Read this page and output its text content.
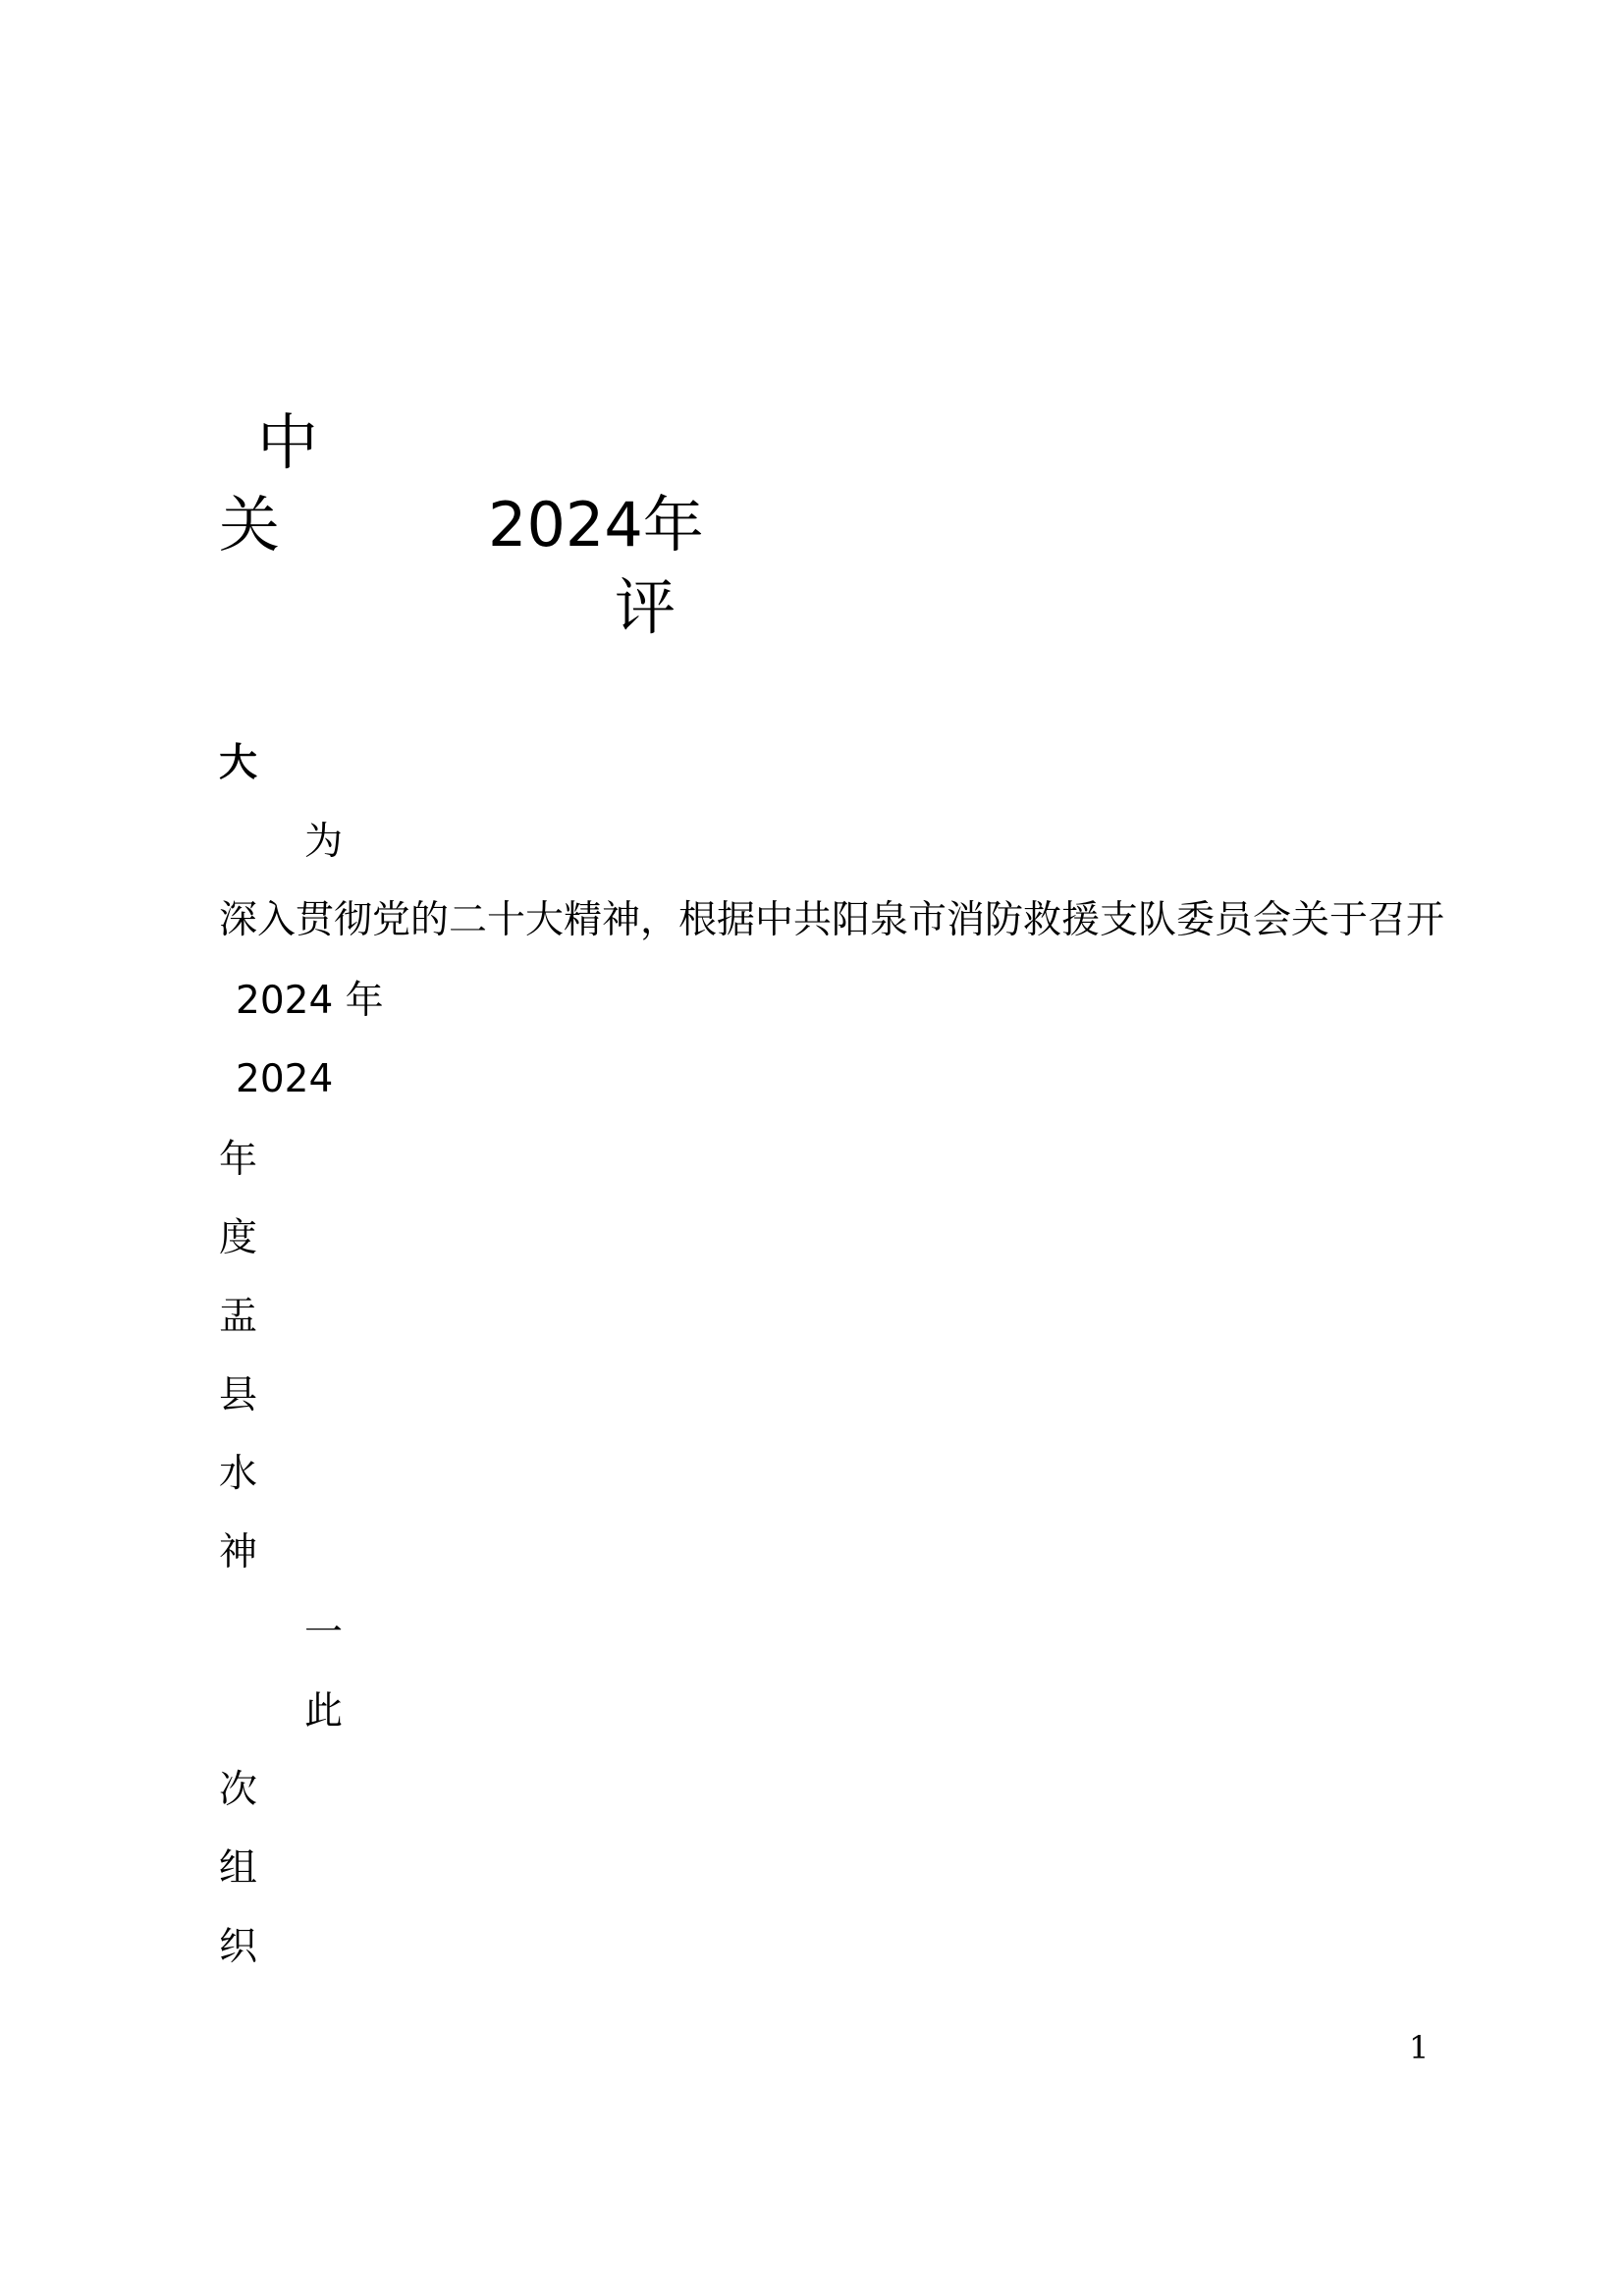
中
关	2024年
评
大
为
深入贯彻党的二十大精神，根据中共阳泉市消防救援支队委员会关于召开
2024 年
2024
年
度
盂
县
水
神
一
此
次
组
织
1
